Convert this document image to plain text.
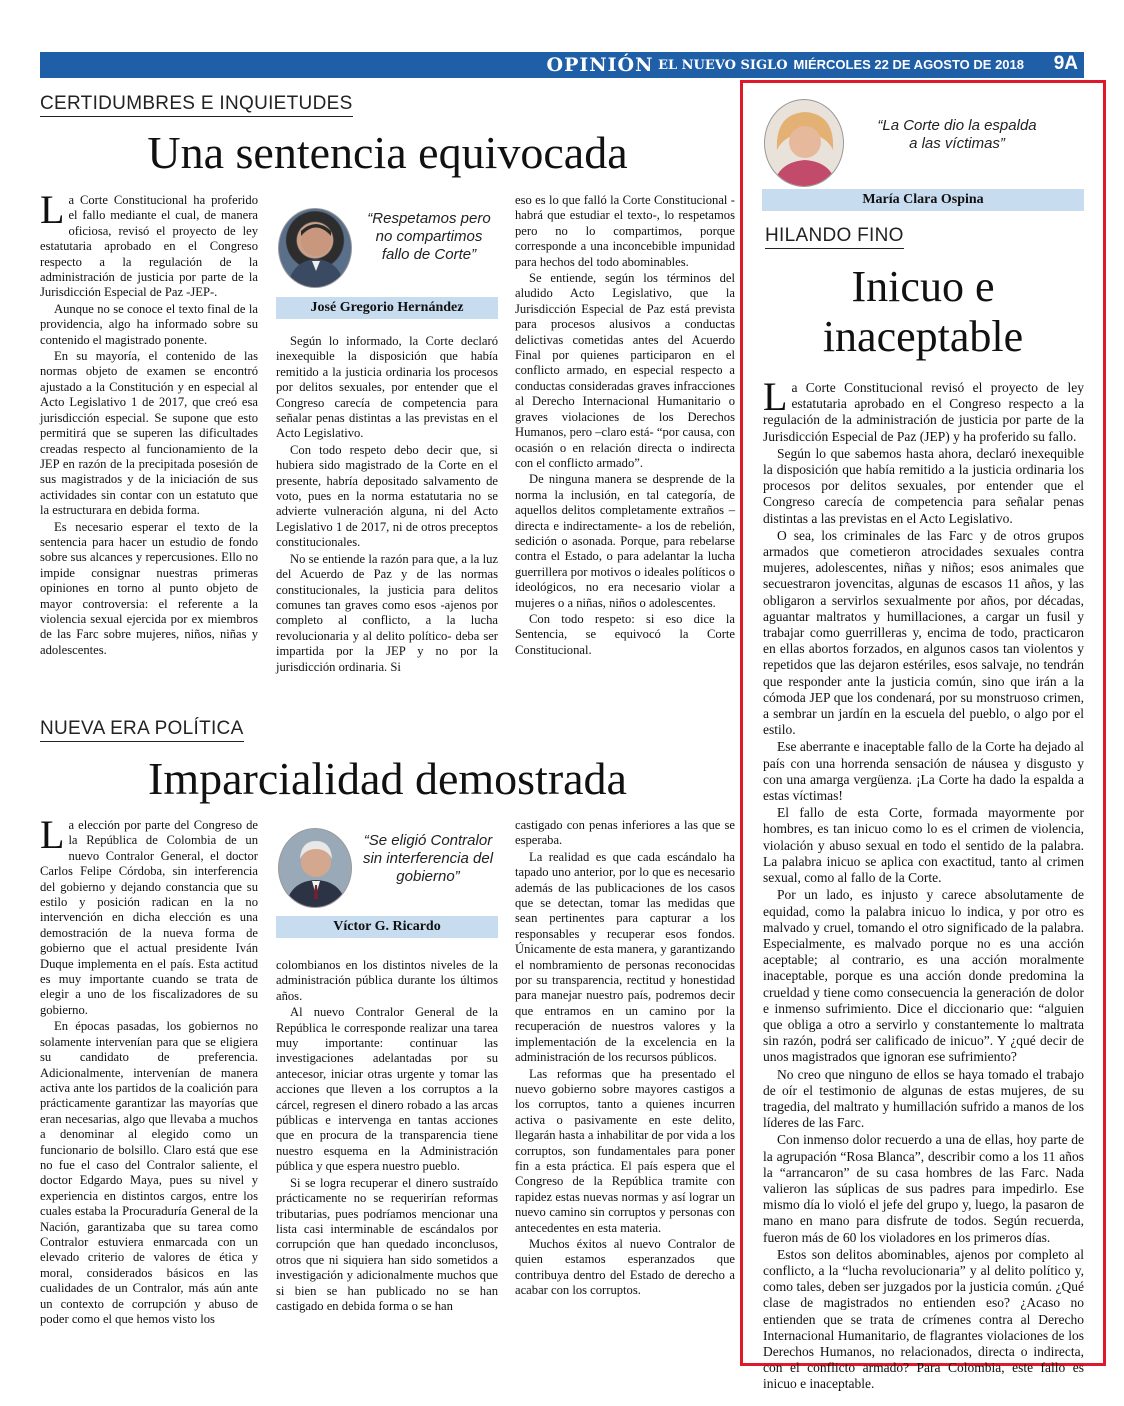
OPINIÓN EL NUEVO SIGLO MIÉRCOLES 22 DE AGOSTO DE 2018 9A
CERTIDUMBRES E INQUIETUDES
Una sentencia equivocada

La Corte Constitucional ha proferido el fallo mediante el cual, de manera oficiosa, revisó el proyecto de ley estatutaria aprobado en el Congreso respecto a la regulación de la administración de justicia por parte de la Jurisdicción Especial de Paz -JEP-.

Aunque no se conoce el texto final de la providencia, algo ha informado sobre su contenido el magistrado ponente.

En su mayoría, el contenido de las normas objeto de examen se encontró ajustado a la Constitución y en especial al Acto Legislativo 1 de 2017, que creó esa jurisdicción especial. Se supone que esto permitirá que se superen las dificultades creadas respecto al funcionamiento de la JEP en razón de la precipitada posesión de sus magistrados y de la iniciación de sus actividades sin contar con un estatuto que la estructurara en debida forma.

Es necesario esperar el texto de la sentencia para hacer un estudio de fondo sobre sus alcances y repercusiones. Ello no impide consignar nuestras primeras opiniones en torno al punto objeto de mayor controversia: el referente a la violencia sexual ejercida por ex miembros de las Farc sobre mujeres, niños, niñas y adolescentes.

“Respetamos pero no compartimos fallo de Corte”
José Gregorio Hernández

Según lo informado, la Corte declaró inexequible la disposición que había remitido a la justicia ordinaria los procesos por delitos sexuales, por entender que el Congreso carecía de competencia para señalar penas distintas a las previstas en el Acto Legislativo.

Con todo respeto debo decir que, si hubiera sido magistrado de la Corte en el presente, habría depositado salvamento de voto, pues en la norma estatutaria no se advierte vulneración alguna, ni del Acto Legislativo 1 de 2017, ni de otros preceptos constitucionales.

No se entiende la razón para que, a la luz del Acuerdo de Paz y de las normas constitucionales, la justicia para delitos comunes tan graves como esos -ajenos por completo al conflicto, a la lucha revolucionaria y al delito político- deba ser impartida por la JEP y no por la jurisdicción ordinaria. Si

eso es lo que falló la Corte Constitucional -habrá que estudiar el texto-, lo respetamos pero no lo compartimos, porque corresponde a una inconcebible impunidad para hechos del todo abominables.

Se entiende, según los términos del aludido Acto Legislativo, que la Jurisdicción Especial de Paz está prevista para procesos alusivos a conductas delictivas cometidas antes del Acuerdo Final por quienes participaron en el conflicto armado, en especial respecto a conductas consideradas graves infracciones al Derecho Internacional Humanitario o graves violaciones de los Derechos Humanos, pero –claro está- “por causa, con ocasión o en relación directa o indirecta con el conflicto armado”.

De ninguna manera se desprende de la norma la inclusión, en tal categoría, de aquellos delitos completamente extraños –directa e indirectamente- a los de rebelión, sedición o asonada. Porque, para rebelarse contra el Estado, o para adelantar la lucha guerrillera por motivos o ideales políticos o ideológicos, no era necesario violar a mujeres o a niñas, niños o adolescentes.

Con todo respeto: si eso dice la Sentencia, se equivocó la Corte Constitucional.

NUEVA ERA POLÍTICA
Imparcialidad demostrada

La elección por parte del Congreso de la República de Colombia de un nuevo Contralor General, el doctor Carlos Felipe Córdoba, sin interferencia del gobierno y dejando constancia que su estilo y posición radican en la no intervención en dicha elección es una demostración de la nueva forma de gobierno que el actual presidente Iván Duque implementa en el país. Esta actitud es muy importante cuando se trata de elegir a uno de los fiscalizadores de su gobierno.

En épocas pasadas, los gobiernos no solamente intervenían para que se eligiera su candidato de preferencia. Adicionalmente, intervenían de manera activa ante los partidos de la coalición para prácticamente garantizar las mayorías que eran necesarias, algo que llevaba a muchos a denominar al elegido como un funcionario de bolsillo. Claro está que ese no fue el caso del Contralor saliente, el doctor Edgardo Maya, pues su nivel y experiencia en distintos cargos, entre los cuales estaba la Procuraduría General de la Nación, garantizaba que su tarea como Contralor estuviera enmarcada con un elevado criterio de valores de ética y moral, considerados básicos en las cualidades de un Contralor, más aún ante un contexto de corrupción y abuso de poder como el que hemos visto los

“Se eligió Contralor sin interferencia del gobierno”
Víctor G. Ricardo

colombianos en los distintos niveles de la administración pública durante los últimos años.

Al nuevo Contralor General de la República le corresponde realizar una tarea muy importante: continuar las investigaciones adelantadas por su antecesor, iniciar otras urgente y tomar las acciones que lleven a los corruptos a la cárcel, regresen el dinero robado a las arcas públicas e intervenga en tantas acciones que en procura de la transparencia tiene nuestro esquema en la Administración pública y que espera nuestro pueblo.

Si se logra recuperar el dinero sustraído prácticamente no se requerirían reformas tributarias, pues podríamos mencionar una lista casi interminable de escándalos por corrupción que han quedado inconclusos, otros que ni siquiera han sido sometidos a investigación y adicionalmente muchos que si bien se han publicado no se han castigado en debida forma o se han

castigado con penas inferiores a las que se esperaba.

La realidad es que cada escándalo ha tapado uno anterior, por lo que es necesario además de las publicaciones de los casos que se detectan, tomar las medidas que sean pertinentes para capturar a los responsables y recuperar esos fondos. Únicamente de esta manera, y garantizando el nombramiento de personas reconocidas por su transparencia, rectitud y honestidad para manejar nuestro país, podremos decir que entramos en un camino por la recuperación de nuestros valores y la implementación de la excelencia en la administración de los recursos públicos.

Las reformas que ha presentado el nuevo gobierno sobre mayores castigos a los corruptos, tanto a quienes incurren activa o pasivamente en este delito, llegarán hasta a inhabilitar de por vida a los corruptos, son fundamentales para poner fin a esta práctica. El país espera que el Congreso de la República tramite con rapidez estas nuevas normas y así lograr un nuevo camino sin corruptos y personas con antecedentes en esta materia.

Muchos éxitos al nuevo Contralor de quien estamos esperanzados que contribuya dentro del Estado de derecho a acabar con los corruptos.

“La Corte dio la espalda a las víctimas”
María Clara Ospina
HILANDO FINO
Inicuo e
inaceptable

La Corte Constitucional revisó el proyecto de ley estatutaria aprobado en el Congreso respecto a la regulación de la administración de justicia por parte de la Jurisdicción Especial de Paz (JEP) y ha proferido su fallo.

Según lo que sabemos hasta ahora, declaró inexequible la disposición que había remitido a la justicia ordinaria los procesos por delitos sexuales, por entender que el Congreso carecía de competencia para señalar penas distintas a las previstas en el Acto Legislativo.

O sea, los criminales de las Farc y de otros grupos armados que cometieron atrocidades sexuales contra mujeres, adolescentes, niñas y niños; esos animales que secuestraron jovencitas, algunas de escasos 11 años, y las obligaron a servirlos sexualmente por años, por décadas, aguantar maltratos y humillaciones, a cargar un fusil y trabajar como guerrilleras y, encima de todo, practicaron en ellas abortos forzados, en algunos casos tan violentos y repetidos que las dejaron estériles, esos salvaje, no tendrán que responder ante la justicia común, sino que irán a la cómoda JEP que los condenará, por su monstruoso crimen, a sembrar un jardín en la escuela del pueblo, o algo por el estilo.

Ese aberrante e inaceptable fallo de la Corte ha dejado al país con una horrenda sensación de náusea y disgusto y con una amarga vergüenza. ¡La Corte ha dado la espalda a estas víctimas!

El fallo de esta Corte, formada mayormente por hombres, es tan inicuo como lo es el crimen de violencia, violación y abuso sexual en todo el sentido de la palabra. La palabra inicuo se aplica con exactitud, tanto al crimen sexual, como al fallo de la Corte.

Por un lado, es injusto y carece absolutamente de equidad, como la palabra inicuo lo indica, y por otro es malvado y cruel, tomando el otro significado de la palabra. Especialmente, es malvado porque no es una acción aceptable; al contrario, es una acción moralmente inaceptable, porque es una acción donde predomina la crueldad y tiene como consecuencia la generación de dolor e inmenso sufrimiento. Dice el diccionario que: “alguien que obliga a otro a servirlo y constantemente lo maltrata sin razón, podrá ser calificado de inicuo”. Y ¿qué decir de unos magistrados que ignoran ese sufrimiento?

No creo que ninguno de ellos se haya tomado el trabajo de oír el testimonio de algunas de estas mujeres, de su tragedia, del maltrato y humillación sufrido a manos de los líderes de las Farc.

Con inmenso dolor recuerdo a una de ellas, hoy parte de la agrupación “Rosa Blanca”, describir como a los 11 años la “arrancaron” de su casa hombres de las Farc. Nada valieron las súplicas de sus padres para impedirlo. Ese mismo día lo violó el jefe del grupo y, luego, la pasaron de mano en mano para disfrute de todos. Según recuerda, fueron más de 60 los violadores en los primeros días.

Estos son delitos abominables, ajenos por completo al conflicto, a la “lucha revolucionaria” y al delito político y, como tales, deben ser juzgados por la justicia común. ¿Qué clase de magistrados no entienden eso? ¿Acaso no entienden que se trata de crímenes contra al Derecho Internacional Humanitario, de flagrantes violaciones de los Derechos Humanos, no relacionados, directa o indirecta, con el conflicto armado? Para Colombia, este fallo es inicuo e inaceptable.
